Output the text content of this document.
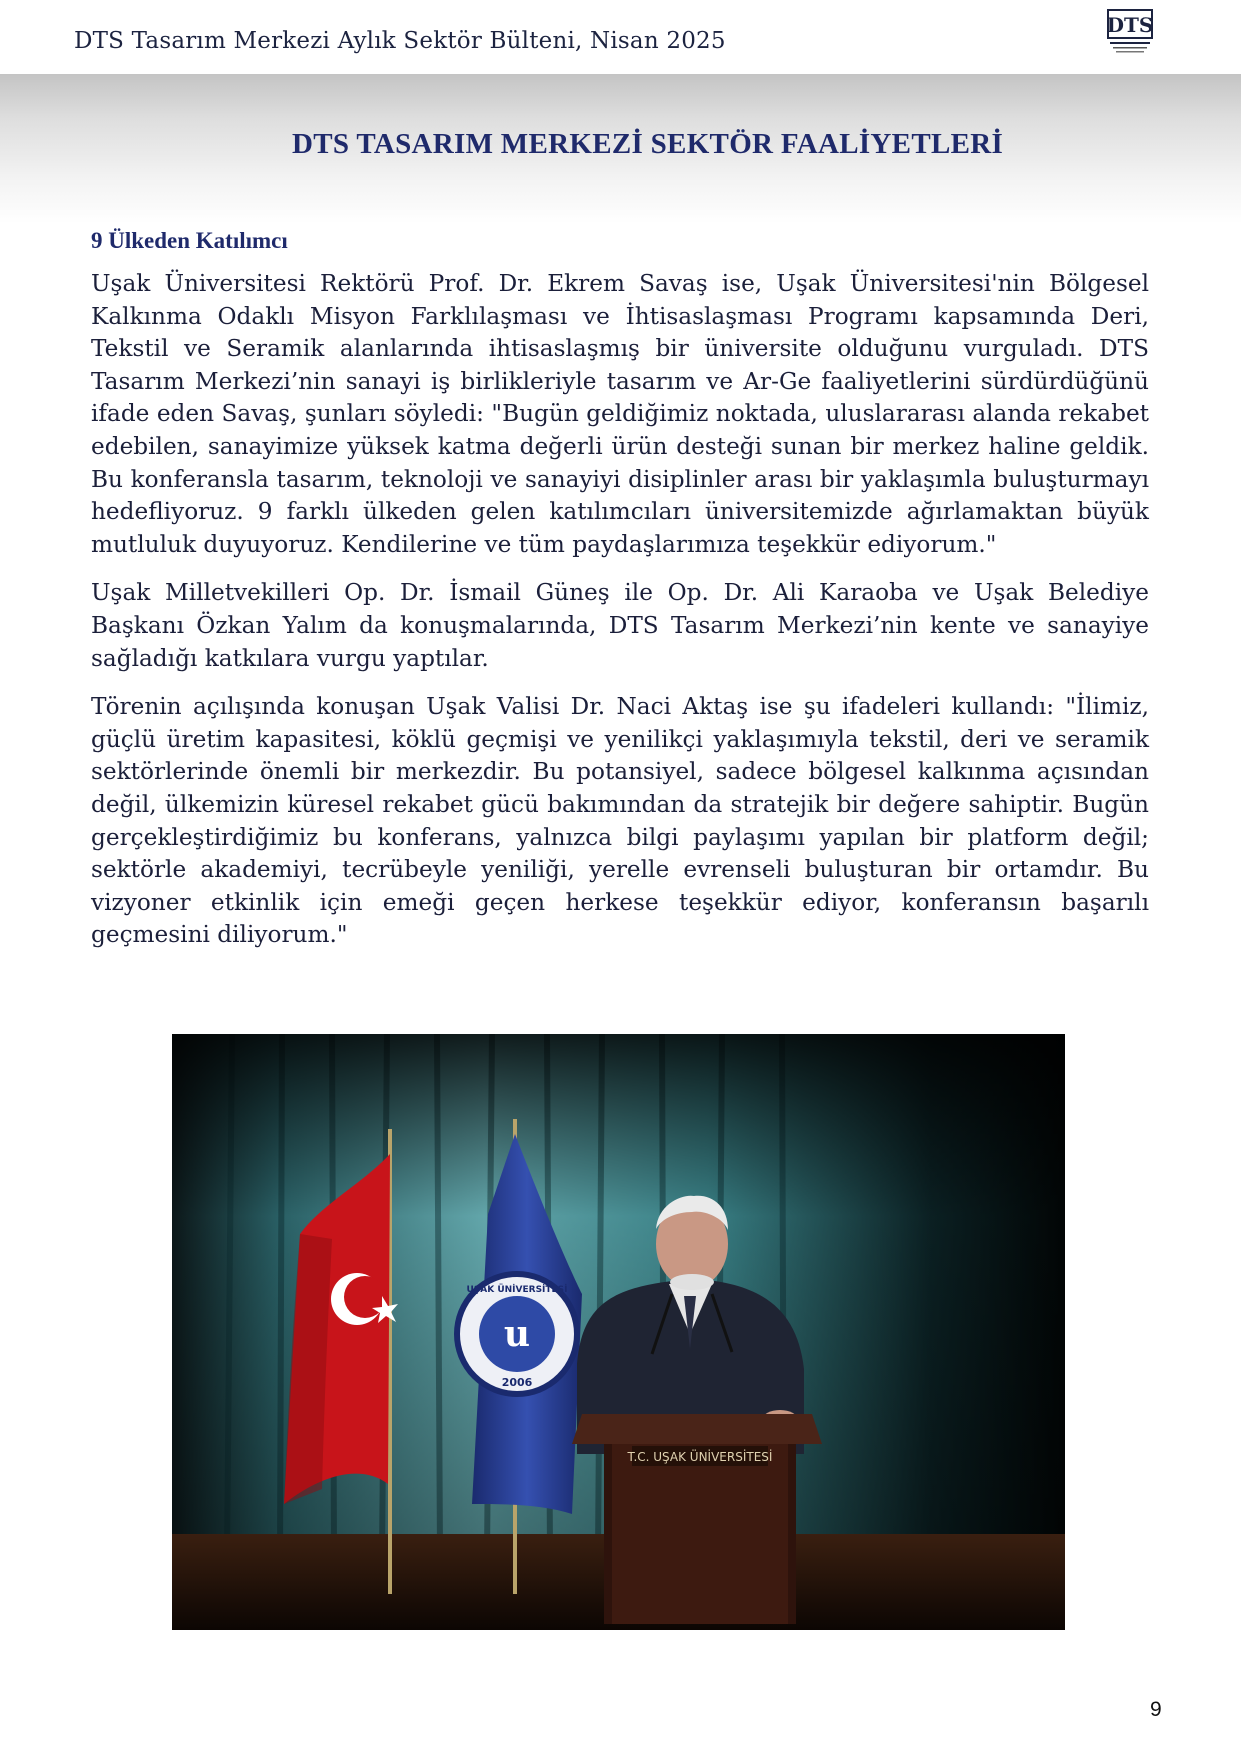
DTS Tasarım Merkezi Aylık Sektör Bülteni, Nisan 2025
DTS
DTS TASARIM MERKEZİ SEKTÖR FAALİYETLERİ
9 Ülkeden Katılımcı

Uşak Üniversitesi Rektörü Prof. Dr. Ekrem Savaş ise, Uşak Üniversitesi'nin Bölgesel Kalkınma Odaklı Misyon Farklılaşması ve İhtisaslaşması Programı kapsamında Deri, Tekstil ve Seramik alanlarında ihtisaslaşmış bir üniversite olduğunu vurguladı. DTS Tasarım Merkezi’nin sanayi iş birlikleriyle tasarım ve Ar-Ge faaliyetlerini sürdürdüğünü ifade eden Savaş, şunları söyledi: "Bugün geldiğimiz noktada, uluslararası alanda rekabet edebilen, sanayimize yüksek katma değerli ürün desteği sunan bir merkez haline geldik. Bu konferansla tasarım, teknoloji ve sanayiyi disiplinler arası bir yaklaşımla buluşturmayı hedefliyoruz. 9 farklı ülkeden gelen katılımcıları üniversitemizde ağırlamaktan büyük mutluluk duyuyoruz. Kendilerine ve tüm paydaşlarımıza teşekkür ediyorum."

Uşak Milletvekilleri Op. Dr. İsmail Güneş ile Op. Dr. Ali Karaoba ve Uşak Belediye Başkanı Özkan Yalım da konuşmalarında, DTS Tasarım Merkezi’nin kente ve sanayiye sağladığı katkılara vurgu yaptılar.

Törenin açılışında konuşan Uşak Valisi Dr. Naci Aktaş ise şu ifadeleri kullandı: "İlimiz, güçlü üretim kapasitesi, köklü geçmişi ve yenilikçi yaklaşımıyla tekstil, deri ve seramik sektörlerinde önemli bir merkezdir. Bu potansiyel, sadece bölgesel kalkınma açısından değil, ülkemizin küresel rekabet gücü bakımından da stratejik bir değere sahiptir. Bugün gerçekleştirdiğimiz bu konferans, yalnızca bilgi paylaşımı yapılan bir platform değil; sektörle akademiyi, tecrübeyle yeniliği, yerelle evrenseli buluşturan bir ortamdır. Bu vizyoner etkinlik için emeği geçen herkese teşekkür ediyor, konferansın başarılı geçmesini diliyorum."

u
UŞAK ÜNİVERSİTESİ
2006
T.C. UŞAK ÜNİVERSİTESİ
9
